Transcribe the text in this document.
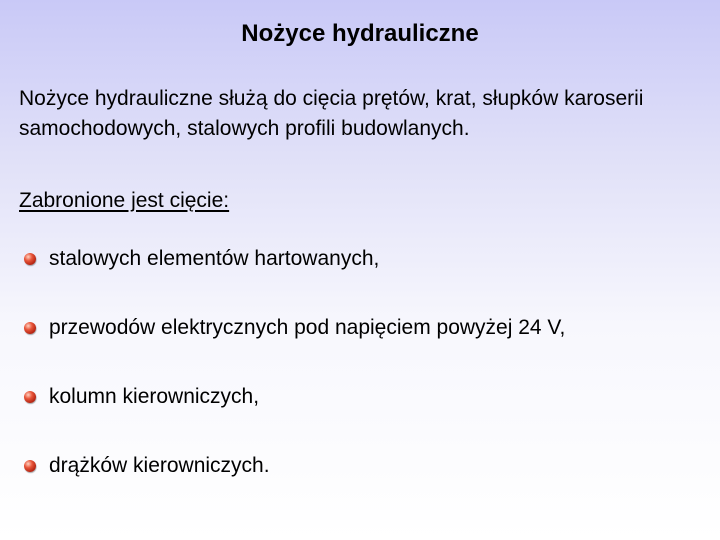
Nożyce hydrauliczne

Nożyce hydrauliczne służą do cięcia prętów, krat, słupków karoserii samochodowych, stalowych profili budowlanych.

Zabronione jest cięcie:

stalowych elementów hartowanych,
przewodów elektrycznych pod napięciem powyżej 24 V,
kolumn kierowniczych,
drążków kierowniczych.
